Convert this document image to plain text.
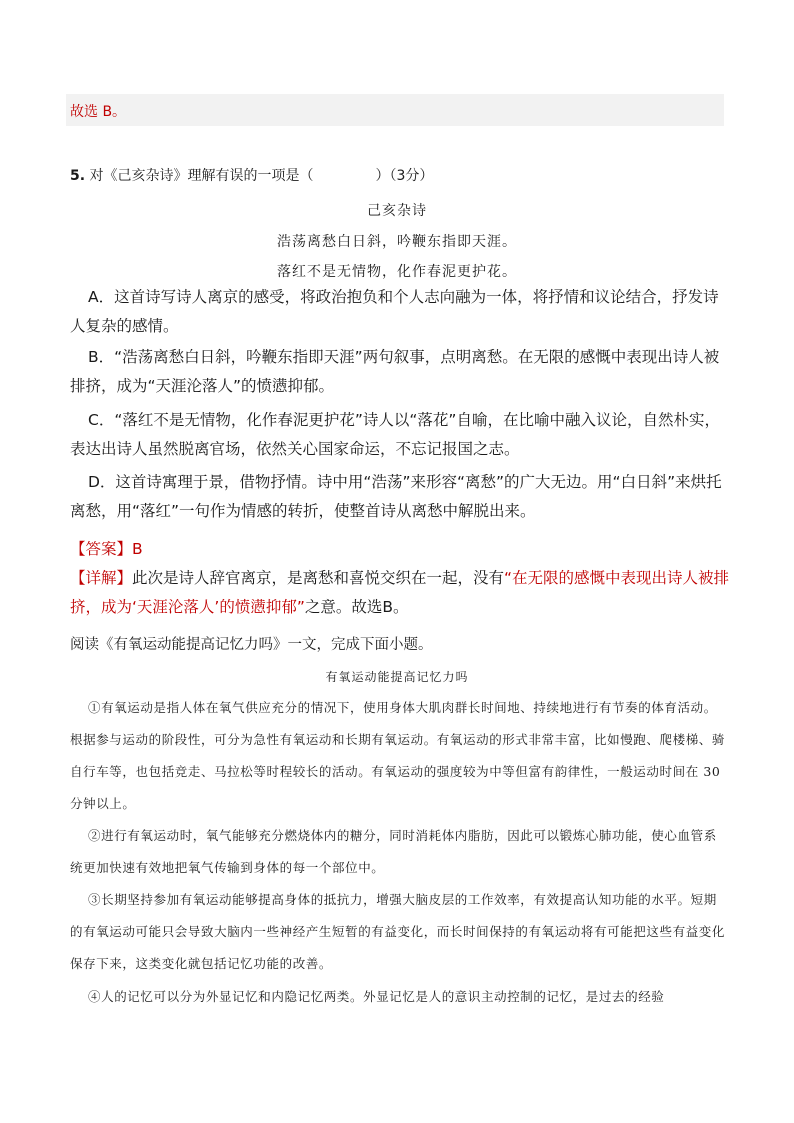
故选 B。
5. 对《己亥杂诗》理解有误的一项是（	）（3分）
己亥杂诗
浩荡离愁白日斜，吟鞭东指即天涯。
落红不是无情物，化作春泥更护花。
A．这首诗写诗人离京的感受，将政治抱负和个人志向融为一体，将抒情和议论结合，抒发诗人复杂的感情。
B．“浩荡离愁白日斜，吟鞭东指即天涯”两句叙事，点明离愁。在无限的感慨中表现出诗人被排挤，成为“天涯沦落人”的愤懑抑郁。
C．“落红不是无情物，化作春泥更护花”诗人以“落花”自喻，在比喻中融入议论，自然朴实，表达出诗人虽然脱离官场，依然关心国家命运，不忘记报国之志。
D．这首诗寓理于景，借物抒情。诗中用“浩荡”来形容“离愁”的广大无边。用“白日斜”来烘托离愁，用“落红”一句作为情感的转折，使整首诗从离愁中解脱出来。
【答案】B
【详解】此次是诗人辞官离京，是离愁和喜悦交织在一起，没有“在无限的感慨中表现出诗人被排挤，成为‘天涯沦落人’的愤懑抑郁”之意。故选B。
阅读《有氧运动能提高记忆力吗》一文，完成下面小题。
有氧运动能提高记忆力吗
①有氧运动是指人体在氧气供应充分的情况下，使用身体大肌肉群长时间地、持续地进行有节奏的体育活动。根据参与运动的阶段性，可分为急性有氧运动和长期有氧运动。有氧运动的形式非常丰富，比如慢跑、爬楼梯、骑自行车等，也包括竞走、马拉松等时程较长的活动。有氧运动的强度较为中等但富有韵律性，一般运动时间在 30 分钟以上。
②进行有氧运动时，氧气能够充分燃烧体内的糖分，同时消耗体内脂肪，因此可以锻炼心肺功能，使心血管系统更加快速有效地把氧气传输到身体的每一个部位中。
③长期坚持参加有氧运动能够提高身体的抵抗力，增强大脑皮层的工作效率，有效提高认知功能的水平。短期的有氧运动可能只会导致大脑内一些神经产生短暂的有益变化，而长时间保持的有氧运动将有可能把这些有益变化保存下来，这类变化就包括记忆功能的改善。
④人的记忆可以分为外显记忆和内隐记忆两类。外显记忆是人的意识主动控制的记忆，是过去的经验
